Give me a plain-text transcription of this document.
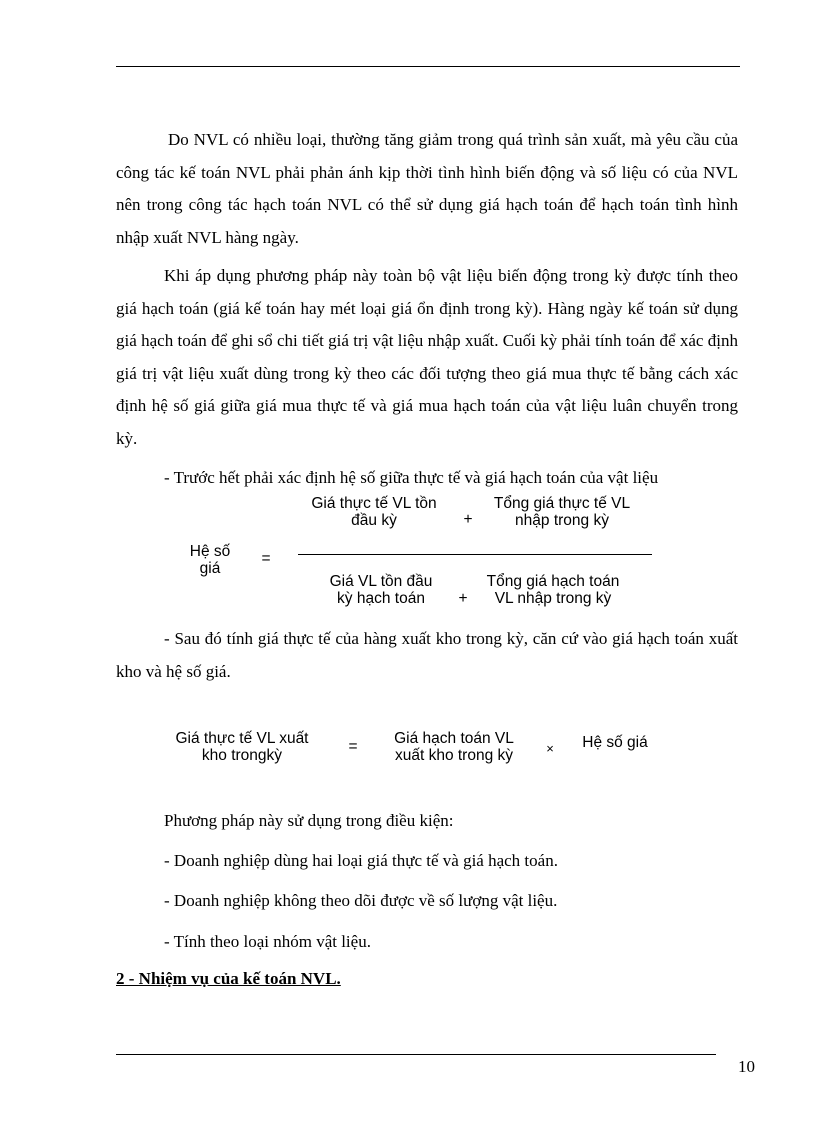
Do NVL có nhiều loại, thường tăng giảm trong quá trình sản xuất, mà yêu cầu của công tác kế toán NVL phải phản ánh kịp thời tình hình biến động và số liệu có của NVL nên trong công tác hạch toán NVL có thể sử dụng giá hạch toán để hạch toán tình hình nhập xuất NVL hàng ngày.

Khi áp dụng phương pháp này toàn bộ vật liệu biến động trong kỳ được tính theo giá hạch toán (giá kế toán hay mét loại giá ổn định trong kỳ). Hàng ngày kế toán sử dụng giá hạch toán để ghi sổ chi tiết giá trị vật liệu nhập xuất. Cuối kỳ phải tính toán để xác định giá trị vật liệu xuất dùng trong kỳ theo các đối tượng theo giá mua thực tế bằng cách xác định hệ số giá giữa giá mua thực tế và giá mua hạch toán của vật liệu luân chuyển trong kỳ.

- Trước hết phải xác định hệ số giữa thực tế và giá hạch toán của vật liệu

Hệ số
giá
=
Giá thực tế VL tồn
đầu kỳ	+
Tổng giá thực tế VL
nhập trong kỳ
Giá VL tồn đầu
kỳ hạch toán	+
Tổng giá hạch toán
VL nhập trong kỳ

- Sau đó tính giá thực tế của hàng xuất kho trong kỳ, căn cứ vào giá hạch toán xuất kho và hệ số giá.

Giá thực tế VL xuất
kho trongkỳ
=	Giá hạch toán VL
xuất kho trong kỳ	×	Hệ số giá

Phương pháp này sử dụng trong điều kiện:

- Doanh nghiệp dùng hai loại giá thực tế và giá hạch toán.

- Doanh nghiệp không theo dõi được về số lượng vật liệu.

- Tính theo loại nhóm vật liệu.

2 - Nhiệm vụ của kế toán NVL.

10
